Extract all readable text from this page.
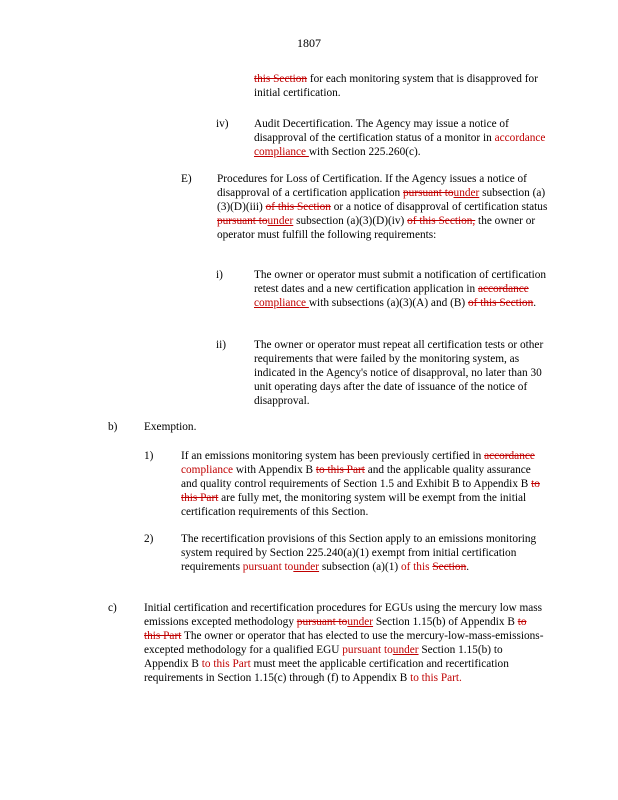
1807
this Section for each monitoring system that is disapproved for initial certification.
iv) Audit Decertification. The Agency may issue a notice of disapproval of the certification status of a monitor in accordance compliance with Section 225.260(c).
E) Procedures for Loss of Certification. If the Agency issues a notice of disapproval of a certification application pursuant tounder subsection (a)(3)(D)(iii) of this Section or a notice of disapproval of certification status pursuant tounder subsection (a)(3)(D)(iv) of this Section, the owner or operator must fulfill the following requirements:
i)	The owner or operator must submit a notification of certification retest dates and a new certification application in accordance compliance with subsections (a)(3)(A) and (B) of this Section.
ii) The owner or operator must repeat all certification tests or other requirements that were failed by the monitoring system, as indicated in the Agency's notice of disapproval, no later than 30 unit operating days after the date of issuance of the notice of disapproval.
b) Exemption.
1) If an emissions monitoring system has been previously certified in accordance compliance with Appendix B to this Part and the applicable quality assurance and quality control requirements of Section 1.5 and Exhibit B to Appendix B to this Part are fully met, the monitoring system will be exempt from the initial certification requirements of this Section.
2) The recertification provisions of this Section apply to an emissions monitoring system required by Section 225.240(a)(1) exempt from initial certification requirements pursuant tounder subsection (a)(1) of this Section.
c) Initial certification and recertification procedures for EGUs using the mercury low mass emissions excepted methodology pursuant tounder Section 1.15(b) of Appendix B to this Part The owner or operator that has elected to use the mercury-low-mass-emissions-excepted methodology for a qualified EGU pursuant tounder Section 1.15(b) to Appendix B to this Part must meet the applicable certification and recertification requirements in Section 1.15(c) through (f) to Appendix B to this Part.
